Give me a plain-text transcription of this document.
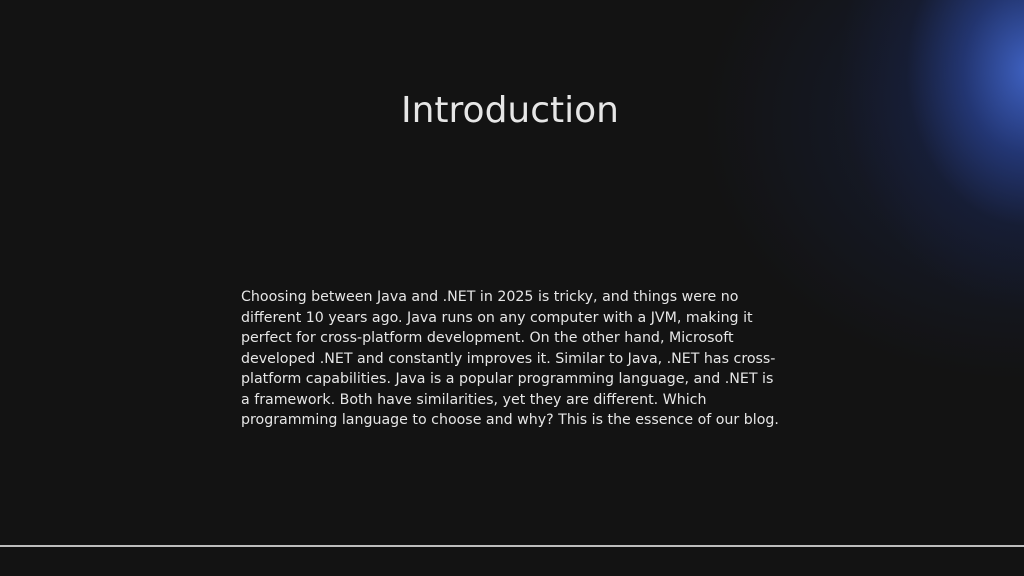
Introduction

Choosing between Java and .NET in 2025 is tricky, and things were no different 10 years ago. Java runs on any computer with a JVM, making it perfect for cross-platform development. On the other hand, Microsoft developed .NET and constantly improves it. Similar to Java, .NET has cross-platform capabilities. Java is a popular programming language, and .NET is a framework. Both have similarities, yet they are different. Which programming language to choose and why? This is the essence of our blog.
